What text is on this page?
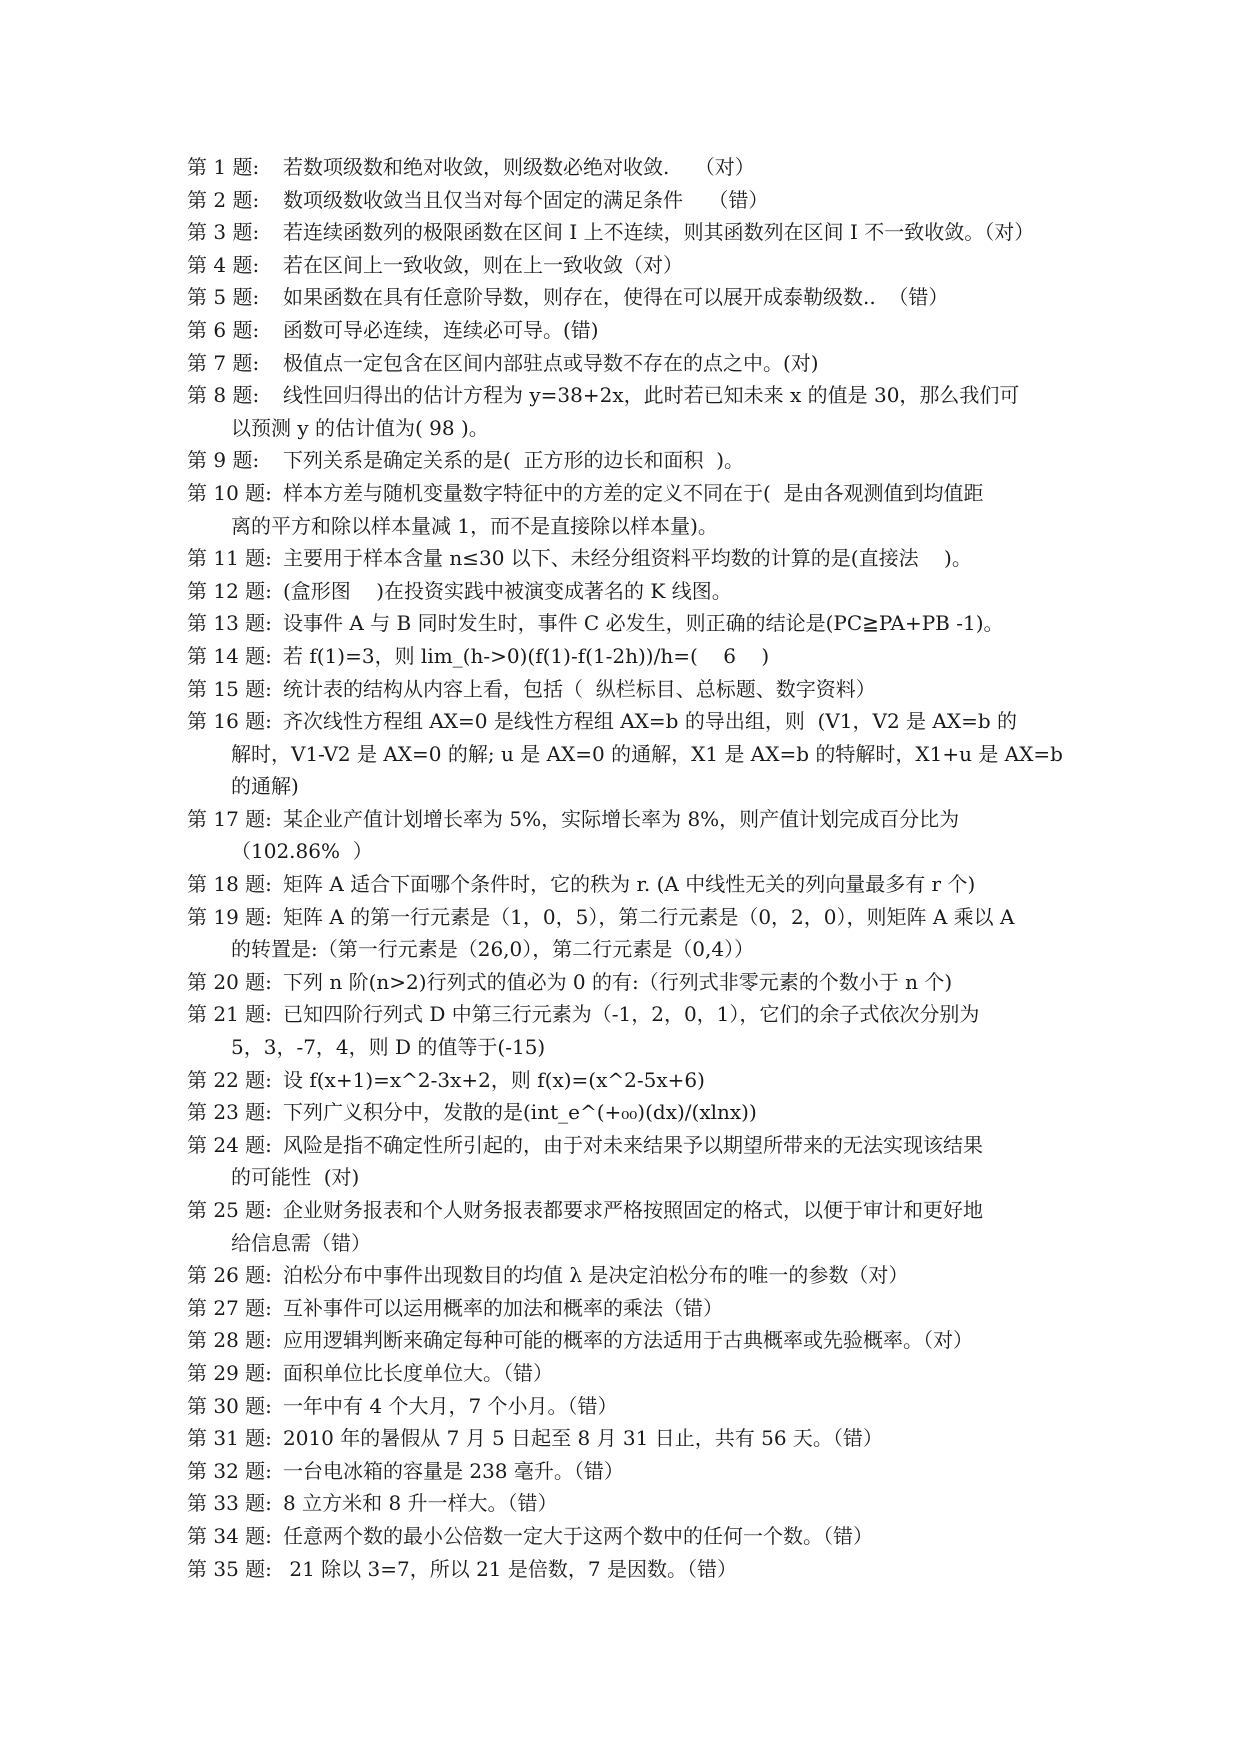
第 1 题: 若数项级数和绝对收敛，则级数必绝对收敛.    （对）
第 2 题: 数项级数收敛当且仅当对每个固定的满足条件    （错）
第 3 题: 若连续函数列的极限函数在区间 I 上不连续，则其函数列在区间 I 不一致收敛。（对）
第 4 题: 若在区间上一致收敛，则在上一致收敛（对）
第 5 题: 如果函数在具有任意阶导数，则存在，使得在可以展开成泰勒级数..  （错）
第 6 题: 函数可导必连续，连续必可导。(错)
第 7 题: 极值点一定包含在区间内部驻点或导数不存在的点之中。(对)
第 8 题: 线性回归得出的估计方程为 y=38+2x，此时若已知未来 x 的值是 30，那么我们可
以预测 y 的估计值为( 98 )。
第 9 题: 下列关系是确定关系的是(  正方形的边长和面积  )。
第 10 题: 样本方差与随机变量数字特征中的方差的定义不同在于(  是由各观测值到均值距
离的平方和除以样本量减 1，而不是直接除以样本量)。
第 11 题: 主要用于样本含量 n≤30 以下、未经分组资料平均数的计算的是(直接法    )。
第 12 题: (盒形图    )在投资实践中被演变成著名的 K 线图。
第 13 题: 设事件 A 与 B 同时发生时，事件 C 必发生，则正确的结论是(PC≧PA+PB -1)。
第 14 题: 若 f(1)=3，则 lim_(h->0)(f(1)-f(1-2h))/h=(    6    )
第 15 题: 统计表的结构从内容上看，包括（  纵栏标目、总标题、数字资料）
第 16 题: 齐次线性方程组 AX=0 是线性方程组 AX=b 的导出组，则  (V1，V2 是 AX=b 的
解时，V1-V2 是 AX=0 的解; u 是 AX=0 的通解，X1 是 AX=b 的特解时，X1+u 是 AX=b
的通解)
第 17 题: 某企业产值计划增长率为 5%，实际增长率为 8%，则产值计划完成百分比为
（102.86%  ）
第 18 题: 矩阵 A 适合下面哪个条件时，它的秩为 r. (A 中线性无关的列向量最多有 r 个)
第 19 题: 矩阵 A 的第一行元素是（1，0，5），第二行元素是（0，2，0），则矩阵 A 乘以 A
的转置是:（第一行元素是（26,0），第二行元素是（0,4））
第 20 题: 下列 n 阶(n>2)行列式的值必为 0 的有:（行列式非零元素的个数小于 n 个)
第 21 题: 已知四阶行列式 D 中第三行元素为（-1，2，0，1），它们的余子式依次分别为
5，3，-7，4，则 D 的值等于(-15)
第 22 题: 设 f(x+1)=x^2-3x+2，则 f(x)=(x^2-5x+6)
第 23 题: 下列广义积分中，发散的是(int_e^(+₀₀)(dx)/(xlnx))
第 24 题: 风险是指不确定性所引起的，由于对未来结果予以期望所带来的无法实现该结果
的可能性  (对)
第 25 题: 企业财务报表和个人财务报表都要求严格按照固定的格式，以便于审计和更好地
给信息需（错）
第 26 题: 泊松分布中事件出现数目的均值 λ 是决定泊松分布的唯一的参数（对）
第 27 题: 互补事件可以运用概率的加法和概率的乘法（错）
第 28 题: 应用逻辑判断来确定每种可能的概率的方法适用于古典概率或先验概率。（对）
第 29 题: 面积单位比长度单位大。（错）
第 30 题: 一年中有 4 个大月，7 个小月。（错）
第 31 题: 2010 年的暑假从 7 月 5 日起至 8 月 31 日止，共有 56 天。（错）
第 32 题: 一台电冰箱的容量是 238 毫升。（错）
第 33 题: 8 立方米和 8 升一样大。（错）
第 34 题: 任意两个数的最小公倍数一定大于这两个数中的任何一个数。（错）
第 35 题: 21 除以 3=7，所以 21 是倍数，7 是因数。（错）
